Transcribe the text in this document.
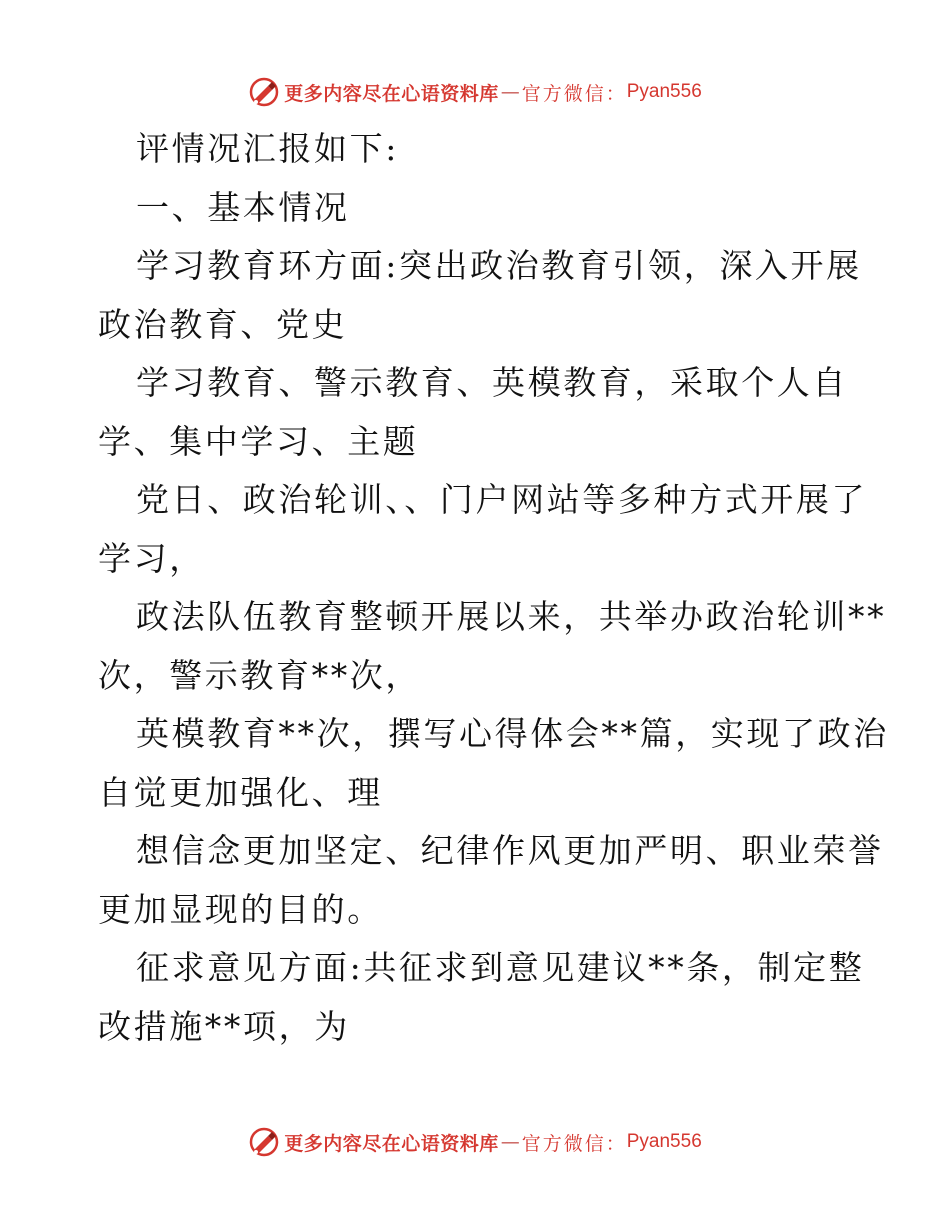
更多内容尽在心语资料库 — 官方微信： Pyan556
评情况汇报如下:
一、基本情况
学习教育环方面:突出政治教育引领，深入开展
政治教育、党史
学习教育、警示教育、英模教育，采取个人自
学、集中学习、主题
党日、政治轮训、、门户网站等多种方式开展了
学习，
政法队伍教育整顿开展以来，共举办政治轮训**
次，警示教育**次，
英模教育**次，撰写心得体会**篇，实现了政治
自觉更加强化、理
想信念更加坚定、纪律作风更加严明、职业荣誉
更加显现的目的。
征求意见方面:共征求到意见建议**条，制定整
改措施**项，为
更多内容尽在心语资料库 — 官方微信： Pyan556
